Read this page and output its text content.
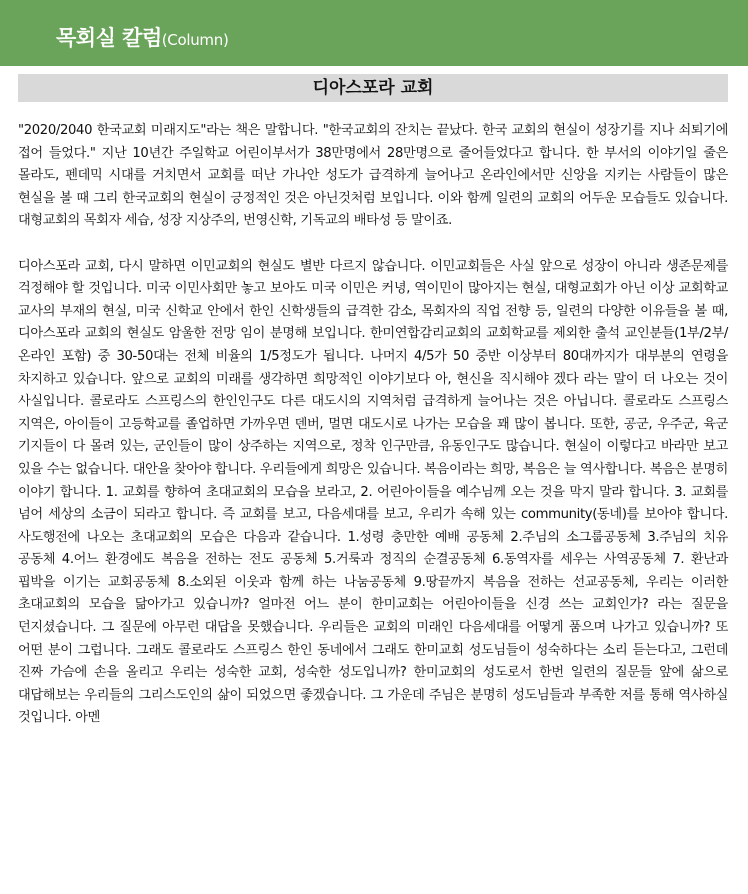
목회실 칼럼(Column)
디아스포라 교회

"2020/2040 한국교회 미래지도"라는 책은 말합니다. "한국교회의 잔치는 끝났다. 한국 교회의 현실이 성장기를 지나 쇠퇴기에 접어 들었다." 지난 10년간 주일학교 어린이부서가 38만명에서 28만명으로 줄어들었다고 합니다. 한 부서의 이야기일 줄은 몰라도, 펜데믹 시대를 거치면서 교회를 떠난 가나안 성도가 급격하게 늘어나고 온라인에서만 신앙을 지키는 사람들이 많은 현실을 볼 때 그리 한국교회의 현실이 긍정적인 것은 아닌것처럼 보입니다. 이와 함께 일련의 교회의 어두운 모습들도 있습니다. 대형교회의 목회자 세습, 성장 지상주의, 번영신학, 기독교의 배타성 등 말이죠.

디아스포라 교회, 다시 말하면 이민교회의 현실도 별반 다르지 않습니다. 이민교회들은 사실 앞으로 성장이 아니라 생존문제를 걱정해야 할 것입니다. 미국 이민사회만 놓고 보아도 미국 이민은 커녕, 역이민이 많아지는 현실, 대형교회가 아닌 이상 교회학교 교사의 부재의 현실, 미국 신학교 안에서 한인 신학생들의 급격한 감소, 목회자의 직업 전향 등, 일련의 다양한 이유들을 볼 때, 디아스포라 교회의 현실도 암울한 전망 임이 분명해 보입니다. 한미연합감리교회의 교회학교를 제외한 출석 교인분들(1부/2부/온라인 포함) 중 30-50대는 전체 비율의 1/5정도가 됩니다. 나머지 4/5가 50 중반 이상부터 80대까지가 대부분의 연령을 차지하고 있습니다. 앞으로 교회의 미래를 생각하면 희망적인 이야기보다 아, 현신을 직시해야 겠다 라는 말이 더 나오는 것이 사실입니다. 콜로라도 스프링스의 한인인구도 다른 대도시의 지역처럼 급격하게 늘어나는 것은 아닙니다. 콜로라도 스프링스 지역은, 아이들이 고등학교를 졸업하면 가까우면 덴버, 멀면 대도시로 나가는 모습을 꽤 많이 봅니다. 또한, 공군, 우주군, 육군 기지들이 다 몰려 있는, 군인들이 많이 상주하는 지역으로, 정착 인구만큼, 유동인구도 많습니다. 현실이 이렇다고 바라만 보고 있을 수는 없습니다. 대안을 찾아야 합니다. 우리들에게 희망은 있습니다. 복음이라는 희망, 복음은 늘 역사합니다. 복음은 분명히 이야기 합니다. 1. 교회를 향하여 초대교회의 모습을 보라고, 2. 어린아이들을 예수님께 오는 것을 막지 말라 합니다. 3. 교회를 넘어 세상의 소금이 되라고 합니다. 즉 교회를 보고, 다음세대를 보고, 우리가 속해 있는 community(동네)를 보아야 합니다. 사도행전에 나오는 초대교회의 모습은 다음과 같습니다. 1.성령 충만한 예배 공동체 2.주님의 소그룹공동체 3.주님의 치유 공동체 4.어느 환경에도 복음을 전하는 전도 공동체 5.거룩과 정직의 순결공동체 6.동역자를 세우는 사역공동체 7. 환난과 핍박을 이기는 교회공동체 8.소외된 이웃과 함께 하는 나눔공동체 9.땅끝까지 복음을 전하는 선교공동체, 우리는 이러한 초대교회의 모습을 닮아가고 있습니까? 얼마전 어느 분이 한미교회는 어린아이들을 신경 쓰는 교회인가? 라는 질문을 던지셨습니다. 그 질문에 아무런 대답을 못했습니다. 우리들은 교회의 미래인 다음세대를 어떻게 품으며 나가고 있습니까? 또 어떤 분이 그럽니다. 그래도 콜로라도 스프링스 한인 동네에서 그래도 한미교회 성도님들이 성숙하다는 소리 듣는다고, 그런데 진짜 가슴에 손을 올리고 우리는 성숙한 교회, 성숙한 성도입니까? 한미교회의 성도로서 한번 일련의 질문들 앞에 삶으로 대답해보는 우리들의 그리스도인의 삶이 되었으면 좋겠습니다. 그 가운데 주님은 분명히 성도님들과 부족한 저를 통해 역사하실 것입니다. 아멘
